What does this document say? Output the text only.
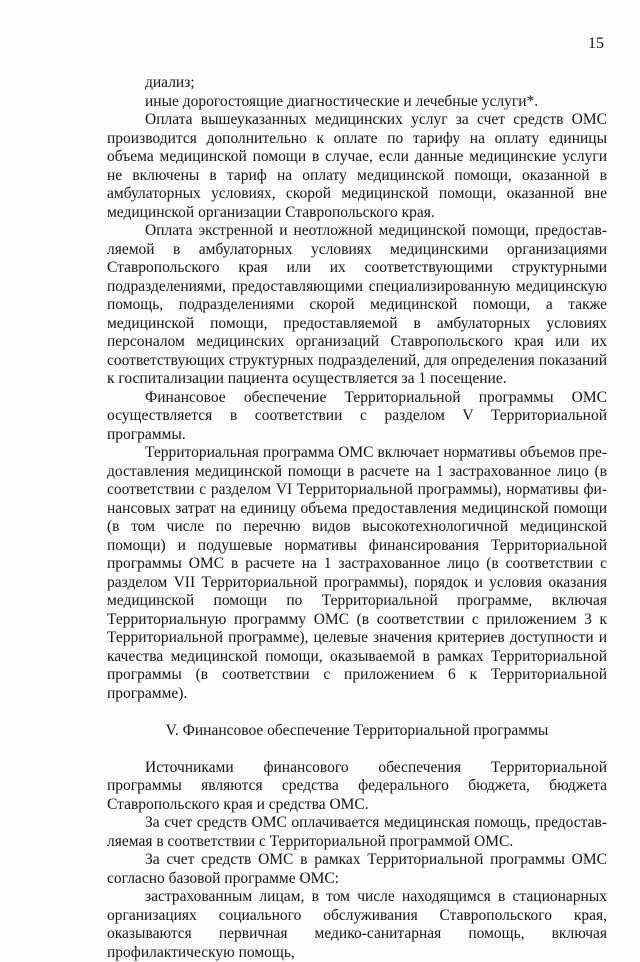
15

диализ;

иные дорогостоящие диагностические и лечебные услуги*.

Оплата вышеуказанных медицинских услуг за счет средств ОМС производится дополнительно к оплате по тарифу на оплату единицы объема медицинской помощи в случае, если данные медицинские услуги не включены в тариф на оплату медицинской помощи, оказанной в амбулаторных условиях, скорой медицинской помощи, оказанной вне медицинской организации Ставропольского края.

Оплата экстренной и неотложной медицинской помощи, предоставляемой в амбулаторных условиях медицинскими организациями Ставропольского края или их соответствующими структурными подразделениями, предоставляющими специализированную медицинскую помощь, подразделениями скорой медицинской помощи, а также медицинской помощи, предоставляемой в амбулаторных условиях персоналом медицинских организаций Ставропольского края или их соответствующих структурных подразделений, для определения показаний к госпитализации пациента осуществляется за 1 посещение.

Финансовое обеспечение Территориальной программы ОМС осуществляется в соответствии с разделом V Территориальной программы.

Территориальная программа ОМС включает нормативы объемов предоставления медицинской помощи в расчете на 1 застрахованное лицо (в соответствии с разделом VI Территориальной программы), нормативы финансовых затрат на единицу объема предоставления медицинской помощи (в том числе по перечню видов высокотехнологичной медицинской помощи) и подушевые нормативы финансирования Территориальной программы ОМС в расчете на 1 застрахованное лицо (в соответствии с разделом VII Территориальной программы), порядок и условия оказания медицинской помощи по Территориальной программе, включая Территориальную программу ОМС (в соответствии с приложением 3 к Территориальной программе), целевые значения критериев доступности и качества медицинской помощи, оказываемой в рамках Территориальной программы (в соответствии с приложением 6 к Территориальной программе).

V. Финансовое обеспечение Территориальной программы

Источниками финансового обеспечения Территориальной программы являются средства федерального бюджета, бюджета Ставропольского края и средства ОМС.

За счет средств ОМС оплачивается медицинская помощь, предоставляемая в соответствии с Территориальной программой ОМС.

За счет средств ОМС в рамках Территориальной программы ОМС согласно базовой программе ОМС:

застрахованным лицам, в том числе находящимся в стационарных организациях социального обслуживания Ставропольского края, оказываются первичная медико-санитарная помощь, включая профилактическую помощь,
